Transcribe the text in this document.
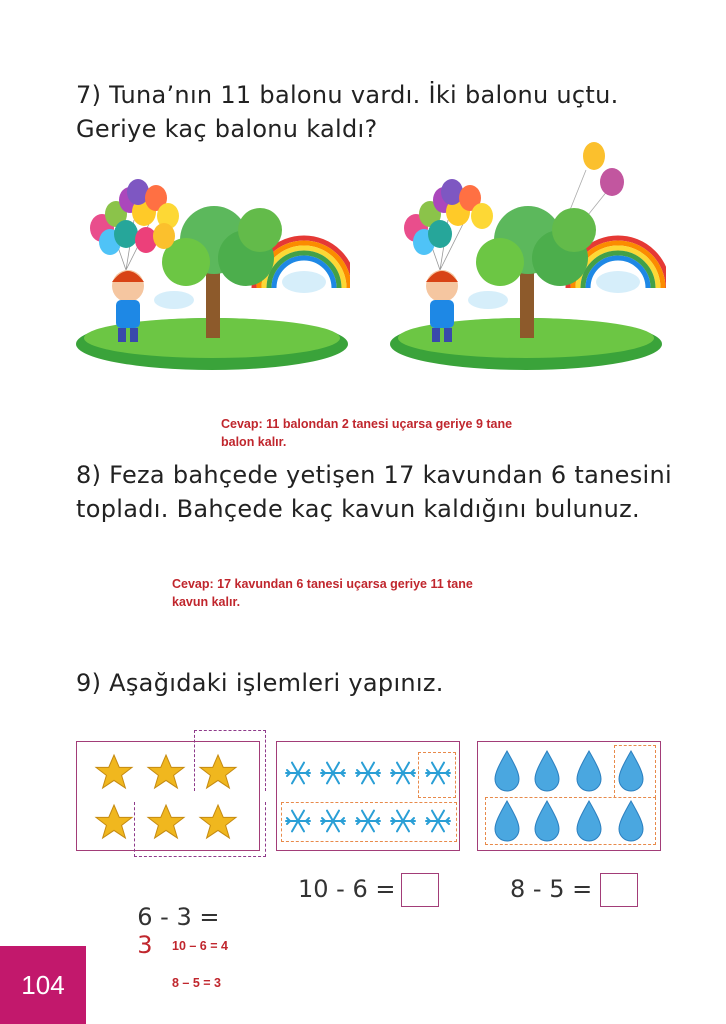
7) Tuna’nın 11 balonu vardı. İki balonu uçtu.
Geriye kaç balonu kaldı?
Cevap: 11 balondan 2 tanesi uçarsa geriye 9 tane
balon kalır.
8) Feza bahçede yetişen 17 kavundan 6 tanesini
topladı. Bahçede kaç kavun kaldığını bulunuz.
Cevap: 17 kavundan 6 tanesi uçarsa geriye 11 tane
kavun kalır.
9) Aşağıdaki işlemleri yapınız.

6 - 3 =
3

10 - 6 =	8 - 5 =
10 – 6 = 4
8 – 5 = 3
104
